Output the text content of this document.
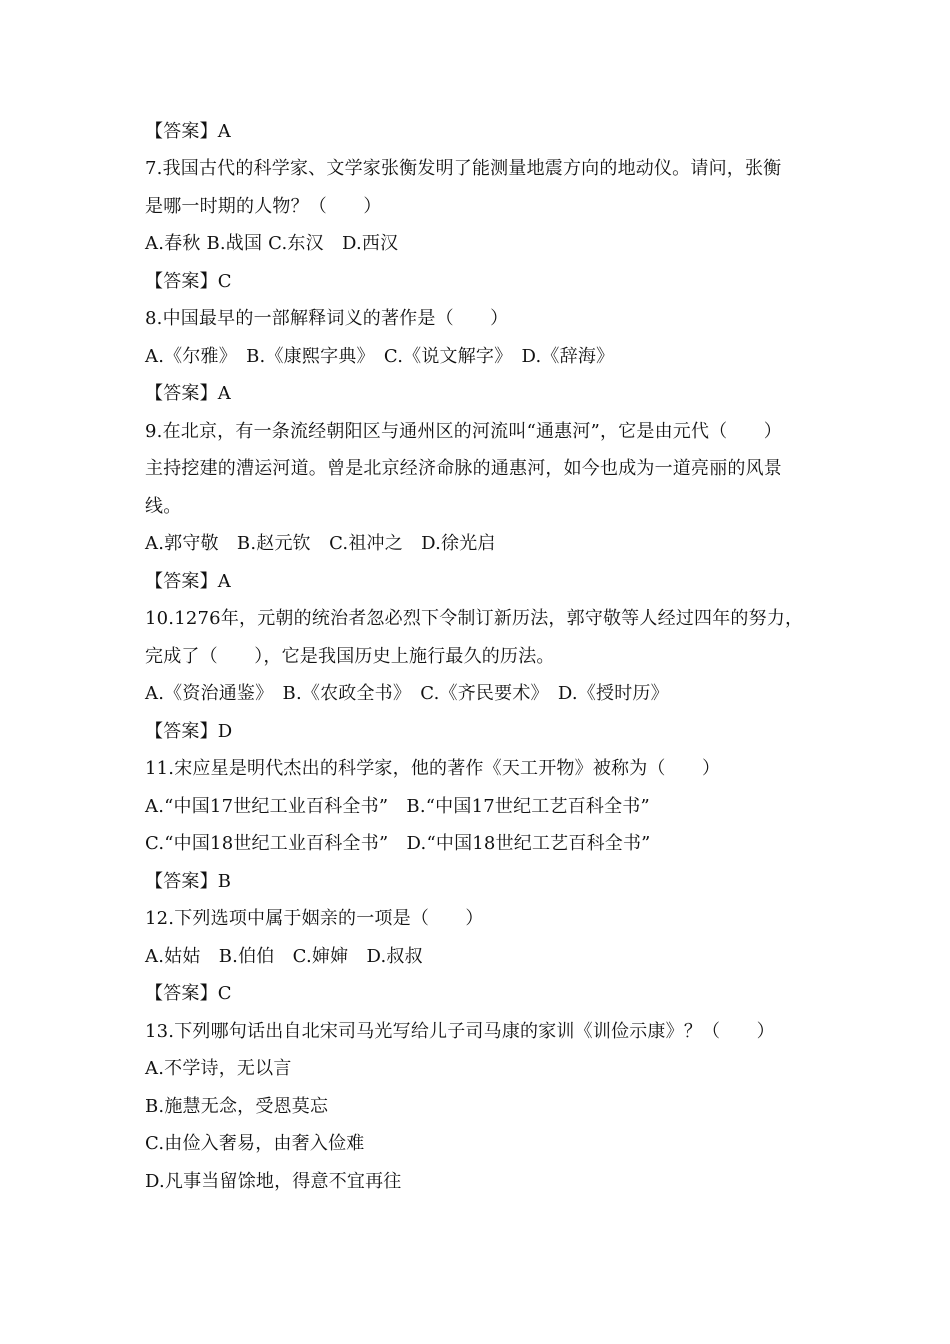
【答案】A
7.我国古代的科学家、文学家张衡发明了能测量地震方向的地动仪。请问，张衡
是哪一时期的人物？（　　）
A.春秋 B.战国 C.东汉　D.西汉
【答案】C
8.中国最早的一部解释词义的著作是（　　）
A.《尔雅》　B.《康熙字典》　C.《说文解字》　D.《辞海》
【答案】A
9.在北京，有一条流经朝阳区与通州区的河流叫“通惠河”，它是由元代（　　）
主持挖建的漕运河道。曾是北京经济命脉的通惠河，如今也成为一道亮丽的风景
线。
A.郭守敬　B.赵元钦　C.祖冲之　D.徐光启
【答案】A
10.1276年，元朝的统治者忽必烈下令制订新历法，郭守敬等人经过四年的努力，
完成了（　　），它是我国历史上施行最久的历法。
A.《资治通鉴》　B.《农政全书》　C.《齐民要术》　D.《授时历》
【答案】D
11.宋应星是明代杰出的科学家，他的著作《天工开物》被称为（　　）
A.“中国17世纪工业百科全书”　B.“中国17世纪工艺百科全书”
C.“中国18世纪工业百科全书”　D.“中国18世纪工艺百科全书”
【答案】B
12.下列选项中属于姻亲的一项是（　　）
A.姑姑　B.伯伯　C.婶婶　D.叔叔
【答案】C
13.下列哪句话出自北宋司马光写给儿子司马康的家训《训俭示康》？（　　）
A.不学诗，无以言
B.施慧无念，受恩莫忘
C.由俭入奢易，由奢入俭难
D.凡事当留馀地，得意不宜再往
